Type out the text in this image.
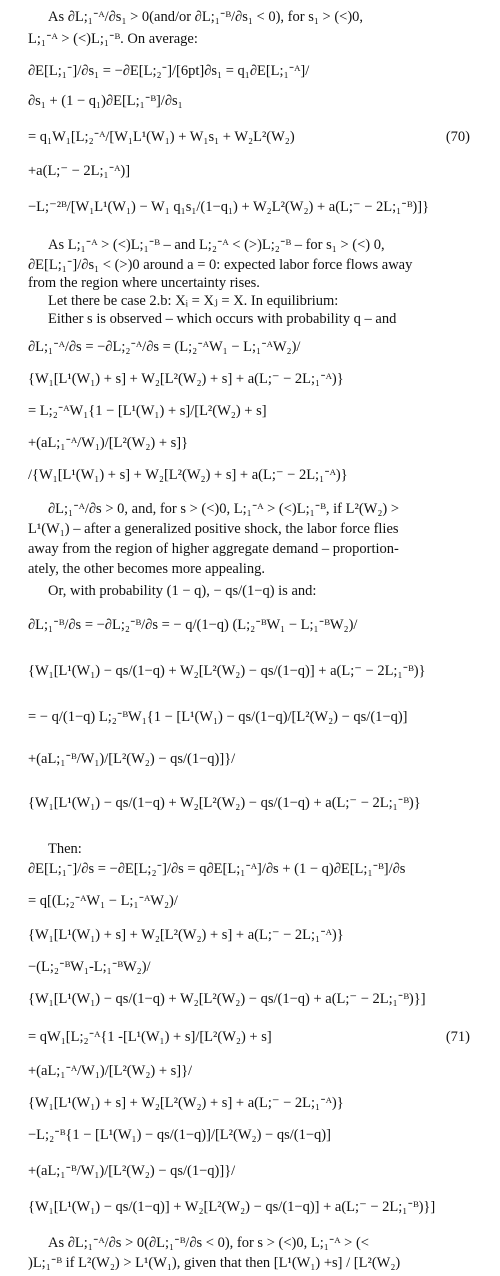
As ∂L;₁ᐨᴬ/∂s₁ > 0(and/or ∂L;₁ᐨᴮ/∂s₁ < 0), for s₁ > (<)0,
L;₁ᐨᴬ > (<)L;₁ᐨᴮ. On average:
∂E[L;₁ᐨ]/∂s₁ = −∂E[L;₂ᐨ]/[6pt]∂s₁ = q₁∂E[L;₁ᐨᴬ]/
∂s₁ + (1 − q₁)∂E[L;₁ᐨᴮ]/∂s₁
= q₁W₁[L;₂ᐨᴬ/[W₁L¹(W₁) + W₁s₁ + W₂L²(W₂)
+a(L;⁻ − 2L;₁ᐨᴬ)]
−L;⁻²ᴮ/[W₁L¹(W₁) − W₁ q₁s₁/(1−q₁) + W₂L²(W₂) + a(L;⁻ − 2L;₁ᐨᴮ)]}
As L;₁ᐨᴬ > (<)L;₁ᐨᴮ – and L;₂ᐨᴬ < (>)L;₂ᐨᴮ – for s₁ > (<) 0,
∂E[L;₁ᐨ]/∂s₁ < (>)0 around a = 0: expected labor force flows away
from the region where uncertainty rises.
Let there be case 2.b: Xᵢ = Xⱼ = X. In equilibrium:
Either s is observed – which occurs with probability q – and
∂L;₁ᐨᴬ/∂s = −∂L;₂ᐨᴬ/∂s = (L;₂ᐨᴬW₁ − L;₁ᐨᴬW₂)/
{W₁[L¹(W₁) + s] + W₂[L²(W₂) + s] + a(L;⁻ − 2L;₁ᐨᴬ)}
= L;₂ᐨᴬW₁{1 − [L¹(W₁) + s]/[L²(W₂) + s]
+(aL;₁ᐨᴬ/W₁)/[L²(W₂) + s]}
/{W₁[L¹(W₁) + s] + W₂[L²(W₂) + s] + a(L;⁻ − 2L;₁ᐨᴬ)}
∂L;₁ᐨᴬ/∂s > 0, and, for s > (<)0, L;₁ᐨᴬ > (<)L;₁ᐨᴮ, if L²(W₂) >
L¹(W₁) – after a generalized positive shock, the labor force flies
away from the region of higher aggregate demand – proportion-
ately, the other becomes more appealing.
Or, with probability (1 − q), − qs/(1−q) is and:
∂L;₁ᐨᴮ/∂s = −∂L;₂ᐨᴮ/∂s = − q/(1−q) (L;₂ᐨᴮW₁ − L;₁ᐨᴮW₂)/
{W₁[L¹(W₁) − qs/(1−q) + W₂[L²(W₂) − qs/(1−q)] + a(L;⁻ − 2L;₁ᐨᴮ)}
= − q/(1−q) L;₂ᐨᴮW₁{1 − [L¹(W₁) − qs/(1−q)/[L²(W₂) − qs/(1−q)]
+(aL;₁ᐨᴮ/W₁)/[L²(W₂) − qs/(1−q)]}/
{W₁[L¹(W₁) − qs/(1−q) + W₂[L²(W₂) − qs/(1−q) + a(L;⁻ − 2L;₁ᐨᴮ)}
Then:
∂E[L;₁ᐨ]/∂s = −∂E[L;₂ᐨ]/∂s = q∂E[L;₁ᐨᴬ]/∂s + (1 − q)∂E[L;₁ᐨᴮ]/∂s
= q[(L;₂ᐨᴬW₁ − L;₁ᐨᴬW₂)/
{W₁[L¹(W₁) + s] + W₂[L²(W₂) + s] + a(L;⁻ − 2L;₁ᐨᴬ)}
−(L;₂ᐨᴮW₁-L;₁ᐨᴮW₂)/
{W₁[L¹(W₁) − qs/(1−q) + W₂[L²(W₂) − qs/(1−q) + a(L;⁻ − 2L;₁ᐨᴮ)}]
= qW₁[L;₂ᐨᴬ{1 -[L¹(W₁) + s]/[L²(W₂) + s]
+(aL;₁ᐨᴬ/W₁)/[L²(W₂) + s]}/
{W₁[L¹(W₁) + s] + W₂[L²(W₂) + s] + a(L;⁻ − 2L;₁ᐨᴬ)}
−L;₂ᐨᴮ{1 − [L¹(W₁) − qs/(1−q)]/[L²(W₂) − qs/(1−q)]
+(aL;₁ᐨᴮ/W₁)/[L²(W₂) − qs/(1−q)]}/
{W₁[L¹(W₁) − qs/(1−q)] + W₂[L²(W₂) − qs/(1−q)] + a(L;⁻ − 2L;₁ᐨᴮ)}]
As ∂L;₁ᐨᴬ/∂s > 0(∂L;₁ᐨᴮ/∂s < 0), for s > (<)0, L;₁ᐨᴬ > (<
)L;₁ᐨᴮ if L²(W₂) > L¹(W₁), given that then [L¹(W₁) +s] / [L²(W₂)
(70)
(71)
